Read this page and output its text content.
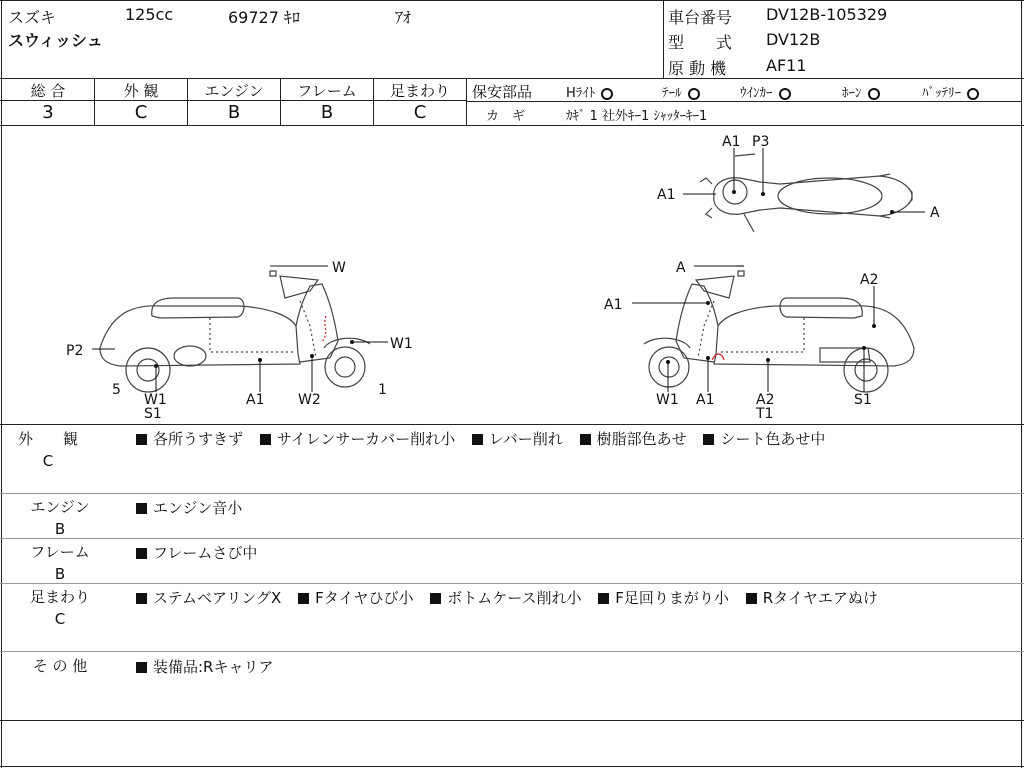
スズキ	125cc	69727 ｷﾛ	ｱｵ
スウィッシュ
車台番号 DV12B-105329
型　　式 DV12B
原 動 機 AF11
総 合	外 観	エンジン	フレーム	足まわり
3	C	B	B	C
保安部品	Hﾗｲﾄ	ﾃｰﾙ	ｳｲﾝｶｰ	ﾎｰﾝ	ﾊﾞｯﾃﾘｰ
カ　ギ	ｶｷﾞ 1 社外ｷｰ1 ｼｬｯﾀｰｷｰ1
W
W1
P2
5	1
W1
S1
A1 W2
A
A2
A1
W1 A1	A2
T1
S1
A1 P3
A1
A
外　　観
C
各所うすきず サイレンサーカバー削れ小 レバー削れ 樹脂部色あせ シート色あせ中
エンジン
B
エンジン音小
フレーム
B
フレームさび中
足まわり
C
ステムベアリングX Fタイヤひび小 ボトムケース削れ小 F足回りまがり小 Rタイヤエアぬけ
そ の 他	装備品:Rキャリア
